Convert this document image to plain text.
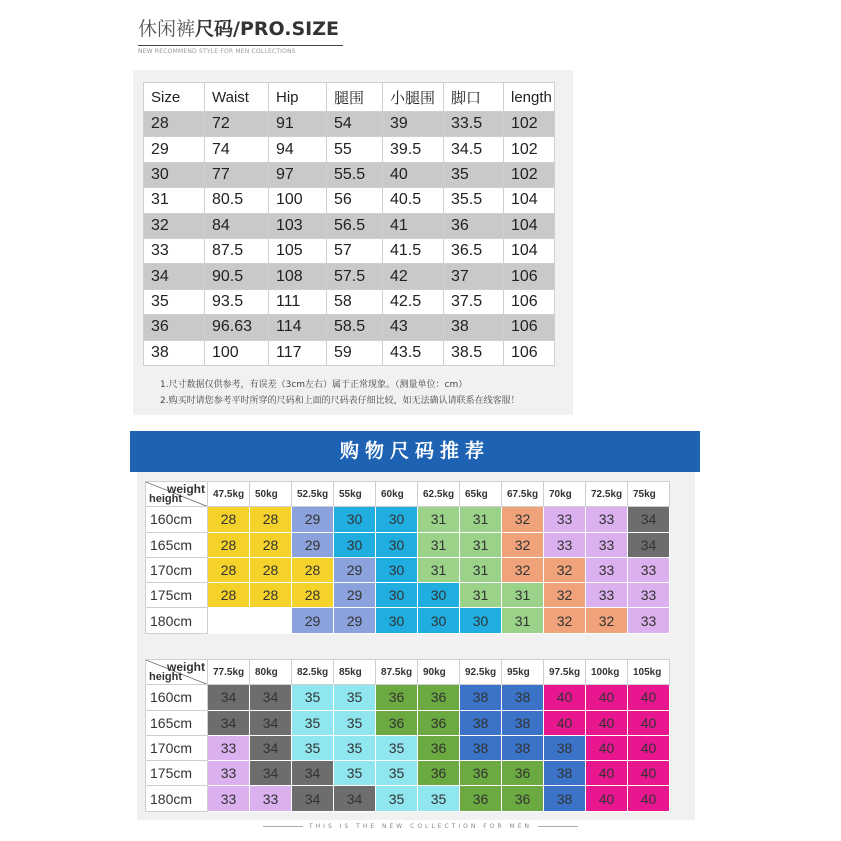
休闲裤尺码/PRO.SIZE
NEW RECOMMEND STYLE FOR MEN COLLECTIONS
Size	Waist	Hip	腿围	小腿围	脚口	length
28	72	91	54	39	33.5	102
29	74	94	55	39.5	34.5	102
30	77	97	55.5	40	35	102
31	80.5	100	56	40.5	35.5	104
32	84	103	56.5	41	36	104
33	87.5	105	57	41.5	36.5	104
34	90.5	108	57.5	42	37	106
35	93.5	111	58	42.5	37.5	106
36	96.63	114	58.5	43	38	106
38	100	117	59	43.5	38.5	106
1.尺寸数据仅供参考，有误差（3cm左右）属于正常现象。（测量单位：cm）
2.购买时请您参考平时所穿的尺码和上面的尺码表仔细比较，如无法确认请联系在线客服！
购物尺码推荐
weight
height	47.5kg	50kg	52.5kg	55kg	60kg	62.5kg	65kg	67.5kg	70kg	72.5kg	75kg
160cm	28	28	29	30	30	31	31	32	33	33	34
165cm	28	28	29	30	30	31	31	32	33	33	34
170cm	28	28	28	29	30	31	31	32	32	33	33
175cm	28	28	28	29	30	30	31	31	32	33	33
180cm			29	29	30	30	30	31	32	32	33
weight
height	77.5kg	80kg	82.5kg	85kg	87.5kg	90kg	92.5kg	95kg	97.5kg	100kg	105kg
160cm	34	34	35	35	36	36	38	38	40	40	40
165cm	34	34	35	35	36	36	38	38	40	40	40
170cm	33	34	35	35	35	36	38	38	38	40	40
175cm	33	34	34	35	35	36	36	36	38	40	40
180cm	33	33	34	34	35	35	36	36	38	40	40
THIS IS THE NEW COLLECTION FOR MEN
